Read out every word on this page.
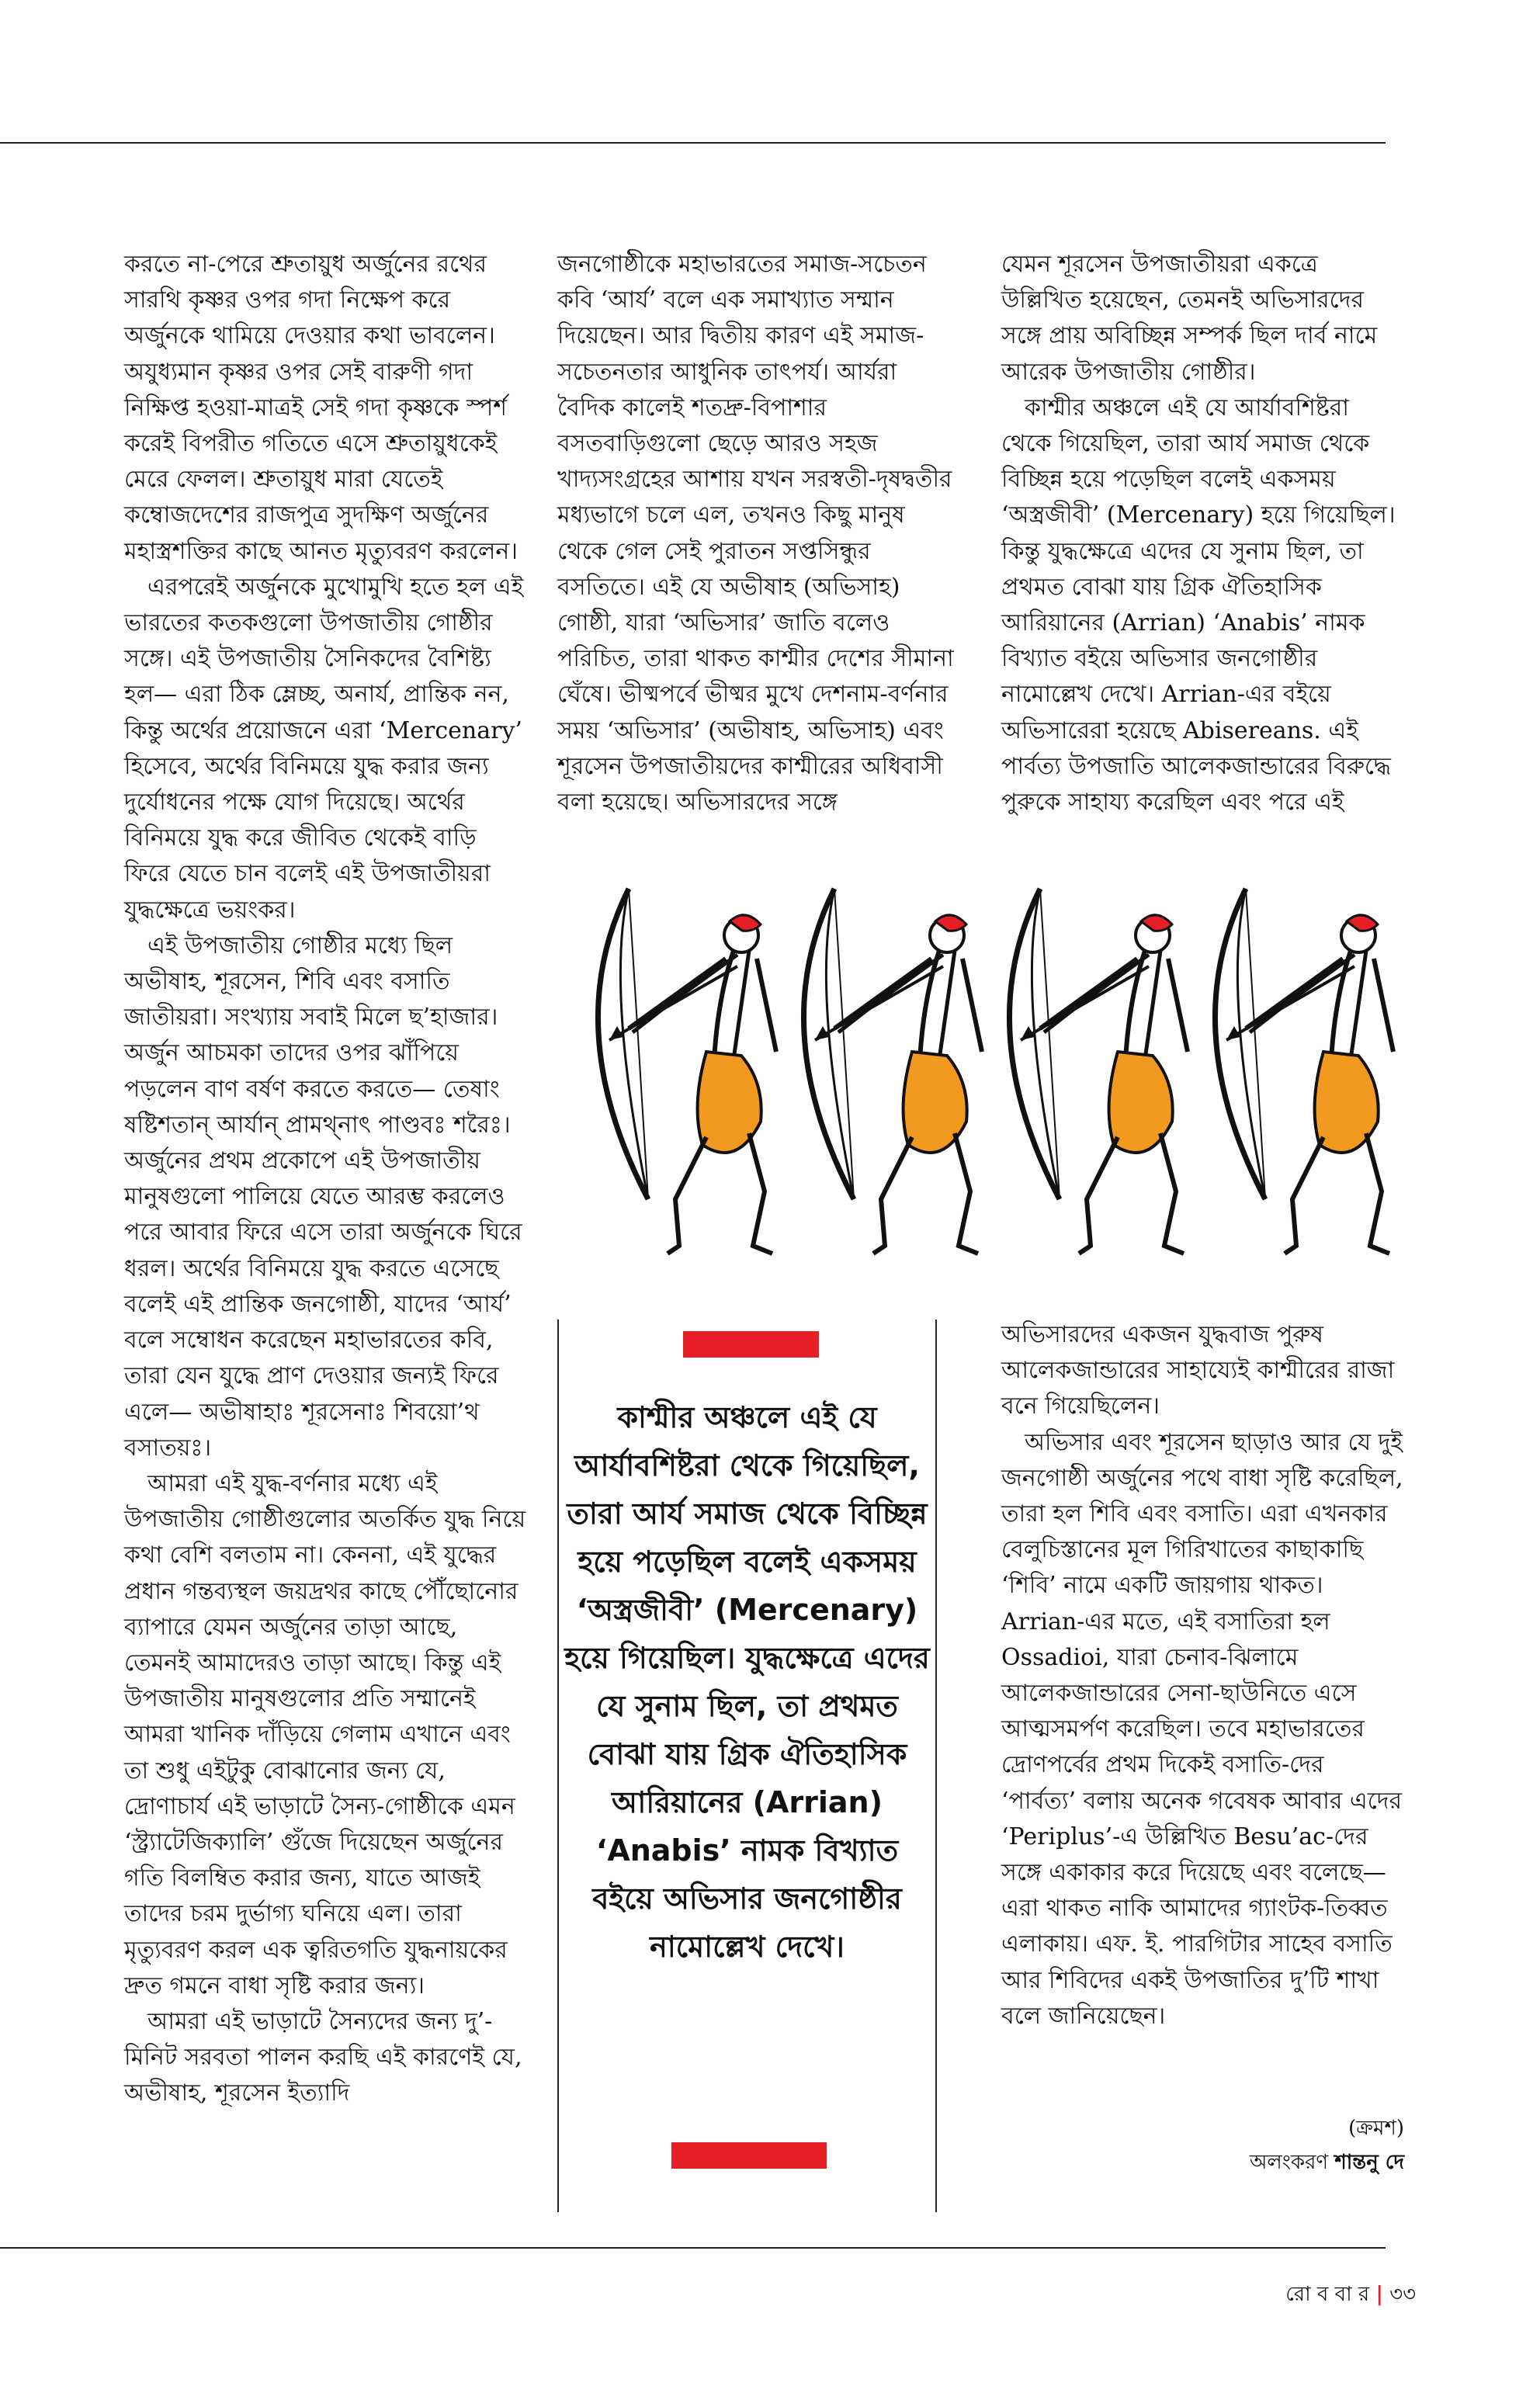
করতে না-পেরে শ্রুতায়ুধ অর্জুনের রথের সারথি কৃষ্ণর ওপর গদা নিক্ষেপ করে অর্জুনকে থামিয়ে দেওয়ার কথা ভাবলেন। অযুধ্যমান কৃষ্ণর ওপর সেই বারুণী গদা নিক্ষিপ্ত হওয়া-মাত্রই সেই গদা কৃষ্ণকে স্পর্শ করেই বিপরীত গতিতে এসে শ্রুতায়ুধকেই মেরে ফেলল। শ্রুতায়ুধ মারা যেতেই কম্বোজদেশের রাজপুত্র সুদক্ষিণ অর্জুনের মহাস্ত্রশক্তির কাছে আনত মৃত্যুবরণ করলেন।

এরপরেই অর্জুনকে মুখোমুখি হতে হল এই ভারতের কতকগুলো উপজাতীয় গোষ্ঠীর সঙ্গে। এই উপজাতীয় সৈনিকদের বৈশিষ্ট্য হল— এরা ঠিক ম্লেচ্ছ, অনার্য, প্রান্তিক নন, কিন্তু অর্থের প্রয়োজনে এরা ‘Mercenary’ হিসেবে, অর্থের বিনিময়ে যুদ্ধ করার জন্য দুর্যোধনের পক্ষে যোগ দিয়েছে। অর্থের বিনিময়ে যুদ্ধ করে জীবিত থেকেই বাড়ি ফিরে যেতে চান বলেই এই উপজাতীয়রা যুদ্ধক্ষেত্রে ভয়ংকর।

এই উপজাতীয় গোষ্ঠীর মধ্যে ছিল অভীষাহ, শূরসেন, শিবি এবং বসাতি জাতীয়রা। সংখ্যায় সবাই মিলে ছ’হাজার। অর্জুন আচমকা তাদের ওপর ঝাঁপিয়ে পড়লেন বাণ বর্ষণ করতে করতে— তেষাং ষষ্টিশতান্ আর্যান্ প্রামথ্নাৎ পাণ্ডবঃ শরৈঃ। অর্জুনের প্রথম প্রকোপে এই উপজাতীয় মানুষগুলো পালিয়ে যেতে আরম্ভ করলেও পরে আবার ফিরে এসে তারা অর্জুনকে ঘিরে ধরল। অর্থের বিনিময়ে যুদ্ধ করতে এসেছে বলেই এই প্রান্তিক জনগোষ্ঠী, যাদের ‘আর্য’ বলে সম্বোধন করেছেন মহাভারতের কবি, তারা যেন যুদ্ধে প্রাণ দেওয়ার জন্যই ফিরে এলে— অভীষাহাঃ শূরসেনাঃ শিবয়ো’থ বসাতয়ঃ।

আমরা এই যুদ্ধ-বর্ণনার মধ্যে এই উপজাতীয় গোষ্ঠীগুলোর অতর্কিত যুদ্ধ নিয়ে কথা বেশি বলতাম না। কেননা, এই যুদ্ধের প্রধান গন্তব্যস্থল জয়দ্রথর কাছে পৌঁছোনোর ব্যাপারে যেমন অর্জুনের তাড়া আছে, তেমনই আমাদেরও তাড়া আছে। কিন্তু এই উপজাতীয় মানুষগুলোর প্রতি সম্মানেই আমরা খানিক দাঁড়িয়ে গেলাম এখানে এবং তা শুধু এইটুকু বোঝানোর জন্য যে, দ্রোণাচার্য এই ভাড়াটে সৈন্য-গোষ্ঠীকে এমন ‘স্ট্র্যাটেজিক্যালি’ গুঁজে দিয়েছেন অর্জুনের গতি বিলম্বিত করার জন্য, যাতে আজই তাদের চরম দুর্ভাগ্য ঘনিয়ে এল। তারা মৃত্যুবরণ করল এক ত্বরিতগতি যুদ্ধনায়কের দ্রুত গমনে বাধা সৃষ্টি করার জন্য।

আমরা এই ভাড়াটে সৈন্যদের জন্য দু’-মিনিট সরবতা পালন করছি এই কারণেই যে, অভীষাহ, শূরসেন ইত্যাদি

জনগোষ্ঠীকে মহাভারতের সমাজ-সচেতন কবি ‘আর্য’ বলে এক সমাখ্যাত সম্মান দিয়েছেন। আর দ্বিতীয় কারণ এই সমাজ-সচেতনতার আধুনিক তাৎপর্য। আর্যরা বৈদিক কালেই শতদ্রু-বিপাশার বসতবাড়িগুলো ছেড়ে আরও সহজ খাদ্যসংগ্রহের আশায় যখন সরস্বতী-দৃষদ্বতীর মধ্যভাগে চলে এল, তখনও কিছু মানুষ থেকে গেল সেই পুরাতন সপ্তসিন্ধুর বসতিতে। এই যে অভীষাহ (অভিসাহ) গোষ্ঠী, যারা ‘অভিসার’ জাতি বলেও পরিচিত, তারা থাকত কাশ্মীর দেশের সীমানা ঘেঁষে। ভীষ্মপর্বে ভীষ্মর মুখে দেশনাম-বর্ণনার সময় ‘অভিসার’ (অভীষাহ, অভিসাহ) এবং শূরসেন উপজাতীয়দের কাশ্মীরের অধিবাসী বলা হয়েছে। অভিসারদের সঙ্গে

যেমন শূরসেন উপজাতীয়রা একত্রে উল্লিখিত হয়েছেন, তেমনই অভিসারদের সঙ্গে প্রায় অবিচ্ছিন্ন সম্পর্ক ছিল দার্ব নামে আরেক উপজাতীয় গোষ্ঠীর।

কাশ্মীর অঞ্চলে এই যে আর্যাবশিষ্টরা থেকে গিয়েছিল, তারা আর্য সমাজ থেকে বিচ্ছিন্ন হয়ে পড়েছিল বলেই একসময় ‘অস্ত্রজীবী’ (Mercenary) হয়ে গিয়েছিল। কিন্তু যুদ্ধক্ষেত্রে এদের যে সুনাম ছিল, তা প্রথমত বোঝা যায় গ্রিক ঐতিহাসিক আরিয়ানের (Arrian) ‘Anabis’ নামক বিখ্যাত বইয়ে অভিসার জনগোষ্ঠীর নামোল্লেখ দেখে। Arrian-এর বইয়ে অভিসারেরা হয়েছে Abisereans. এই পার্বত্য উপজাতি আলেকজান্ডারের বিরুদ্ধে পুরুকে সাহায্য করেছিল এবং পরে এই

কাশ্মীর অঞ্চলে এই যে আর্যাবশিষ্টরা থেকে গিয়েছিল, তারা আর্য সমাজ থেকে বিচ্ছিন্ন হয়ে পড়েছিল বলেই একসময় ‘অস্ত্রজীবী’ (Mercenary) হয়ে গিয়েছিল। যুদ্ধক্ষেত্রে এদের যে সুনাম ছিল, তা প্রথমত বোঝা যায় গ্রিক ঐতিহাসিক আরিয়ানের (Arrian) ‘Anabis’ নামক বিখ্যাত বইয়ে অভিসার জনগোষ্ঠীর নামোল্লেখ দেখে।

অভিসারদের একজন যুদ্ধবাজ পুরুষ আলেকজান্ডারের সাহায্যেই কাশ্মীরের রাজা বনে গিয়েছিলেন।

অভিসার এবং শূরসেন ছাড়াও আর যে দুই জনগোষ্ঠী অর্জুনের পথে বাধা সৃষ্টি করেছিল, তারা হল শিবি এবং বসাতি। এরা এখনকার বেলুচিস্তানের মূল গিরিখাতের কাছাকাছি ‘শিবি’ নামে একটি জায়গায় থাকত। Arrian-এর মতে, এই বসাতিরা হল Ossadioi, যারা চেনাব-ঝিলামে আলেকজান্ডারের সেনা-ছাউনিতে এসে আত্মসমর্পণ করেছিল। তবে মহাভারতের দ্রোণপর্বের প্রথম দিকেই বসাতি-দের ‘পার্বত্য’ বলায় অনেক গবেষক আবার এদের ‘Periplus’-এ উল্লিখিত Besu’ac-দের সঙ্গে একাকার করে দিয়েছে এবং বলেছে— এরা থাকত নাকি আমাদের গ্যাংটক-তিব্বত এলাকায়। এফ. ই. পারগিটার সাহেব বসাতি আর শিবিদের একই উপজাতির দু’টি শাখা বলে জানিয়েছেন।

(ক্রমশ)
অলংকরণ শান্তনু দে
রো ব বা র | ৩৩
